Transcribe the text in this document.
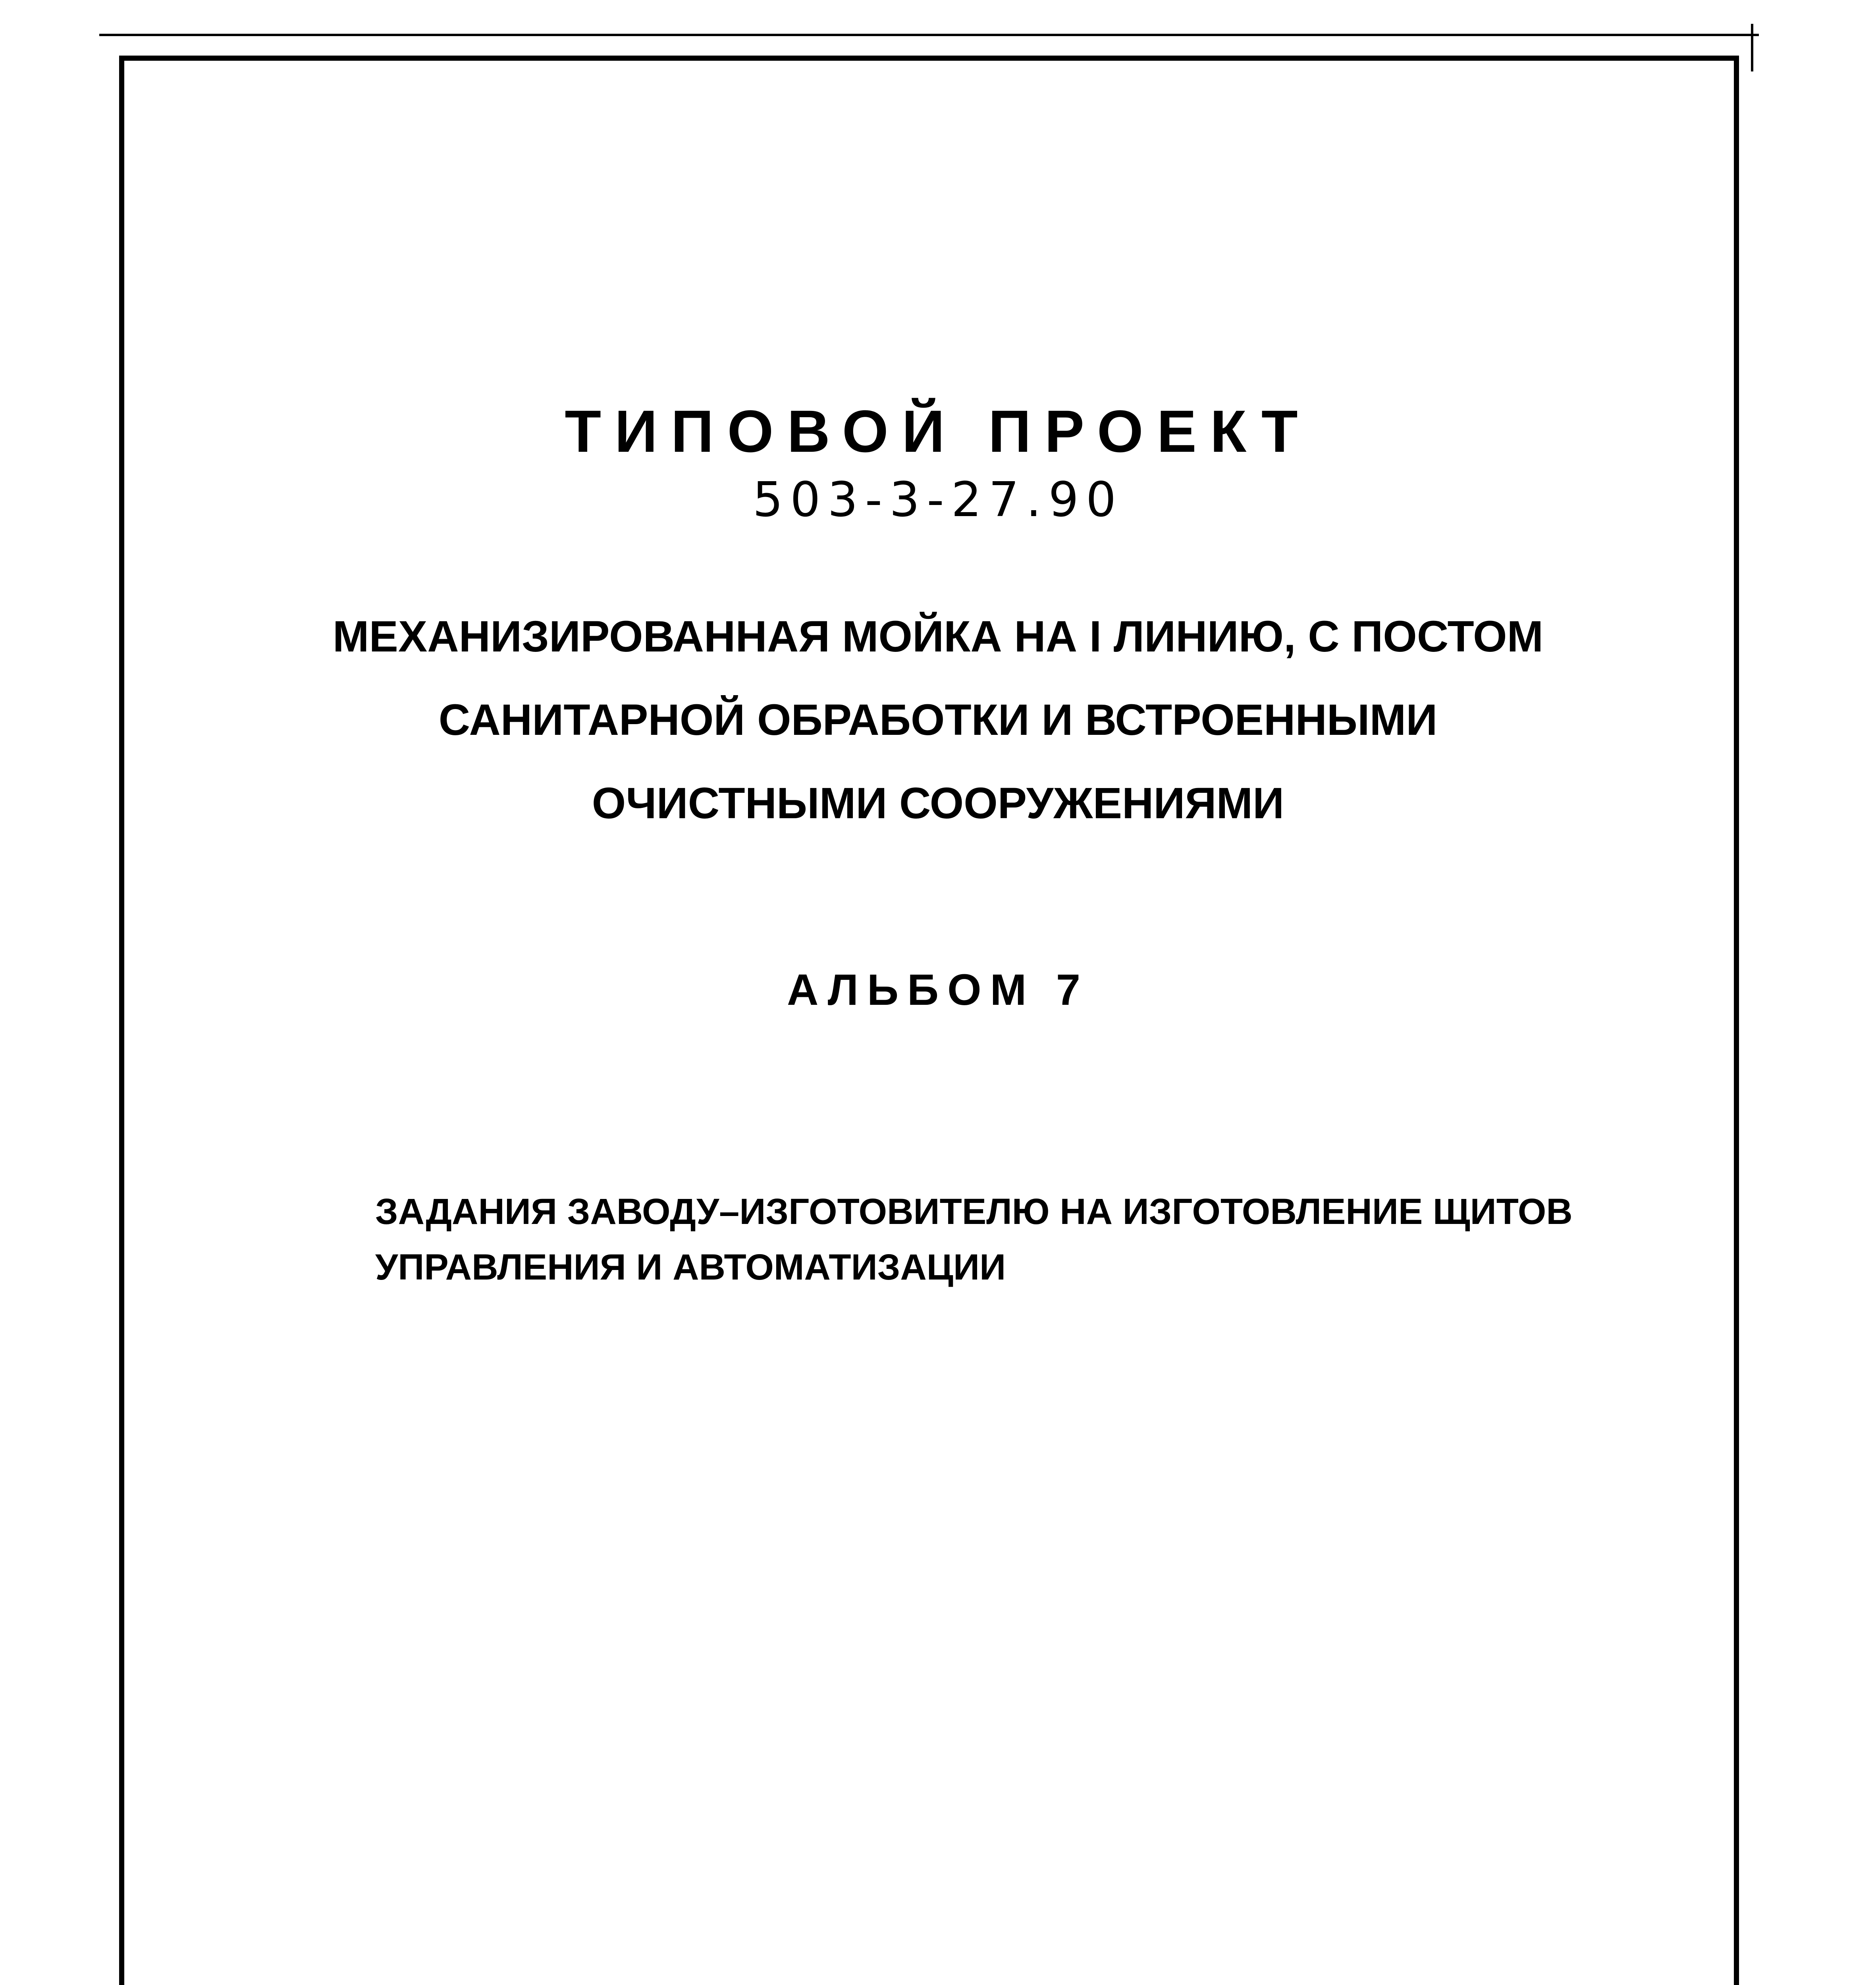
ТИПОВОЙ ПРОЕКТ
503-3-27.90
МЕХАНИЗИРОВАННАЯ МОЙКА НА I ЛИНИЮ, С ПОСТОМ
САНИТАРНОЙ ОБРАБОТКИ И ВСТРОЕННЫМИ
ОЧИСТНЫМИ СООРУЖЕНИЯМИ
АЛЬБОМ 7
ЗАДАНИЯ ЗАВОДУ–ИЗГОТОВИТЕЛЮ НА ИЗГОТОВЛЕНИЕ ЩИТОВ
УПРАВЛЕНИЯ И АВТОМАТИЗАЦИИ
